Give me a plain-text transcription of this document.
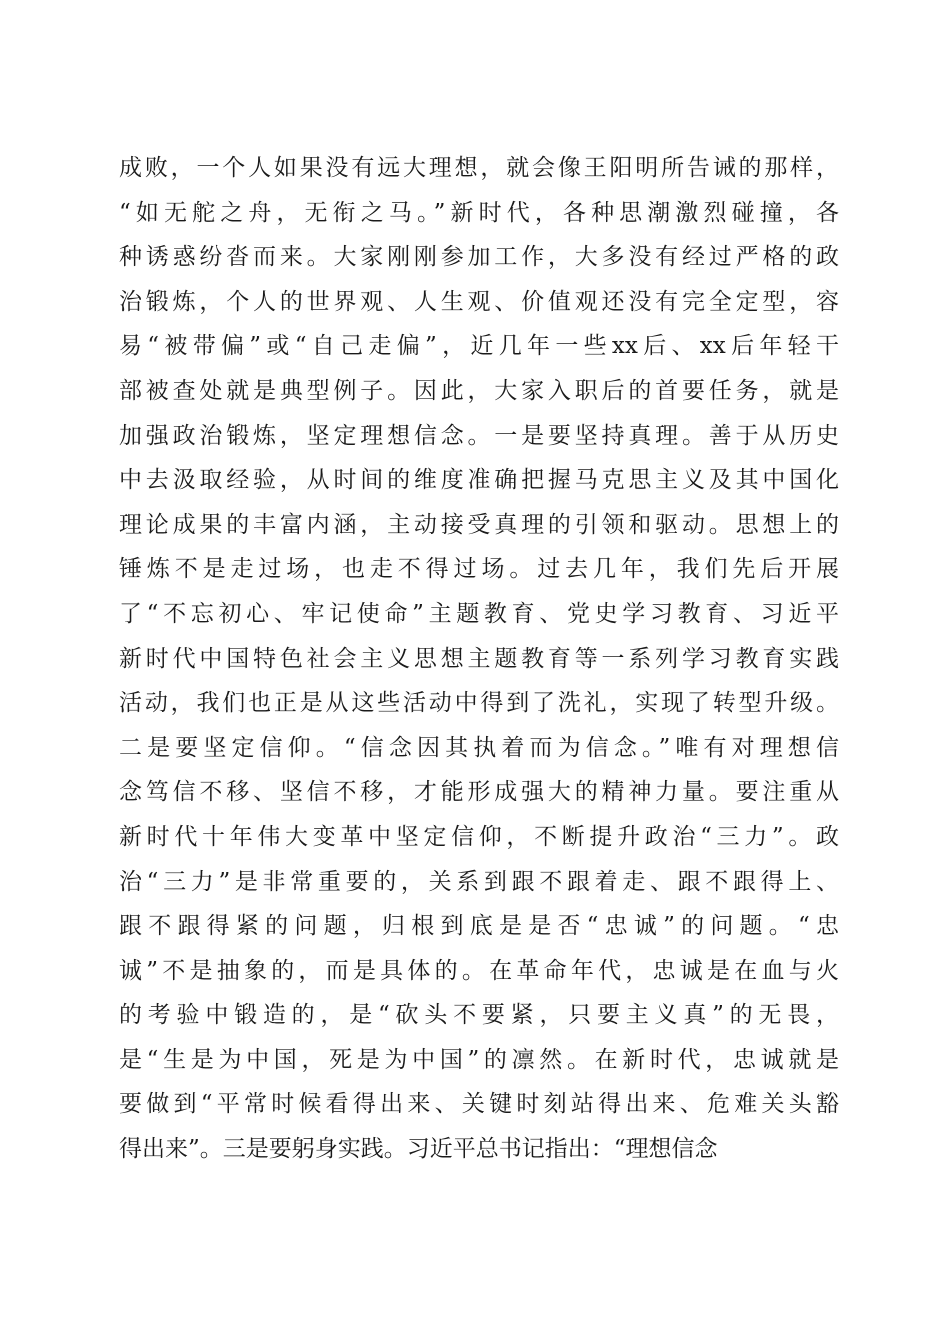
成败，一个人如果没有远大理想，就会像王阳明所告诫的那样，
“如无舵之舟，无衔之马。”新时代，各种思潮激烈碰撞，各
种诱惑纷沓而来。大家刚刚参加工作，大多没有经过严格的政
治锻炼，个人的世界观、人生观、价值观还没有完全定型，容
易“被带偏”或“自己走偏”，近几年一些xx后、xx后年轻干
部被查处就是典型例子。因此，大家入职后的首要任务，就是
加强政治锻炼，坚定理想信念。一是要坚持真理。善于从历史
中去汲取经验，从时间的维度准确把握马克思主义及其中国化
理论成果的丰富内涵，主动接受真理的引领和驱动。思想上的
锤炼不是走过场，也走不得过场。过去几年，我们先后开展
了“不忘初心、牢记使命”主题教育、党史学习教育、习近平
新时代中国特色社会主义思想主题教育等一系列学习教育实践
活动，我们也正是从这些活动中得到了洗礼，实现了转型升级。
二是要坚定信仰。“信念因其执着而为信念。”唯有对理想信
念笃信不移、坚信不移，才能形成强大的精神力量。要注重从
新时代十年伟大变革中坚定信仰，不断提升政治“三力”。政
治“三力”是非常重要的，关系到跟不跟着走、跟不跟得上、
跟不跟得紧的问题，归根到底是是否“忠诚”的问题。“忠
诚”不是抽象的，而是具体的。在革命年代，忠诚是在血与火
的考验中锻造的，是“砍头不要紧，只要主义真”的无畏，
是“生是为中国，死是为中国”的凛然。在新时代，忠诚就是
要做到“平常时候看得出来、关键时刻站得出来、危难关头豁
得出来”。三是要躬身实践。习近平总书记指出：“理想信念
